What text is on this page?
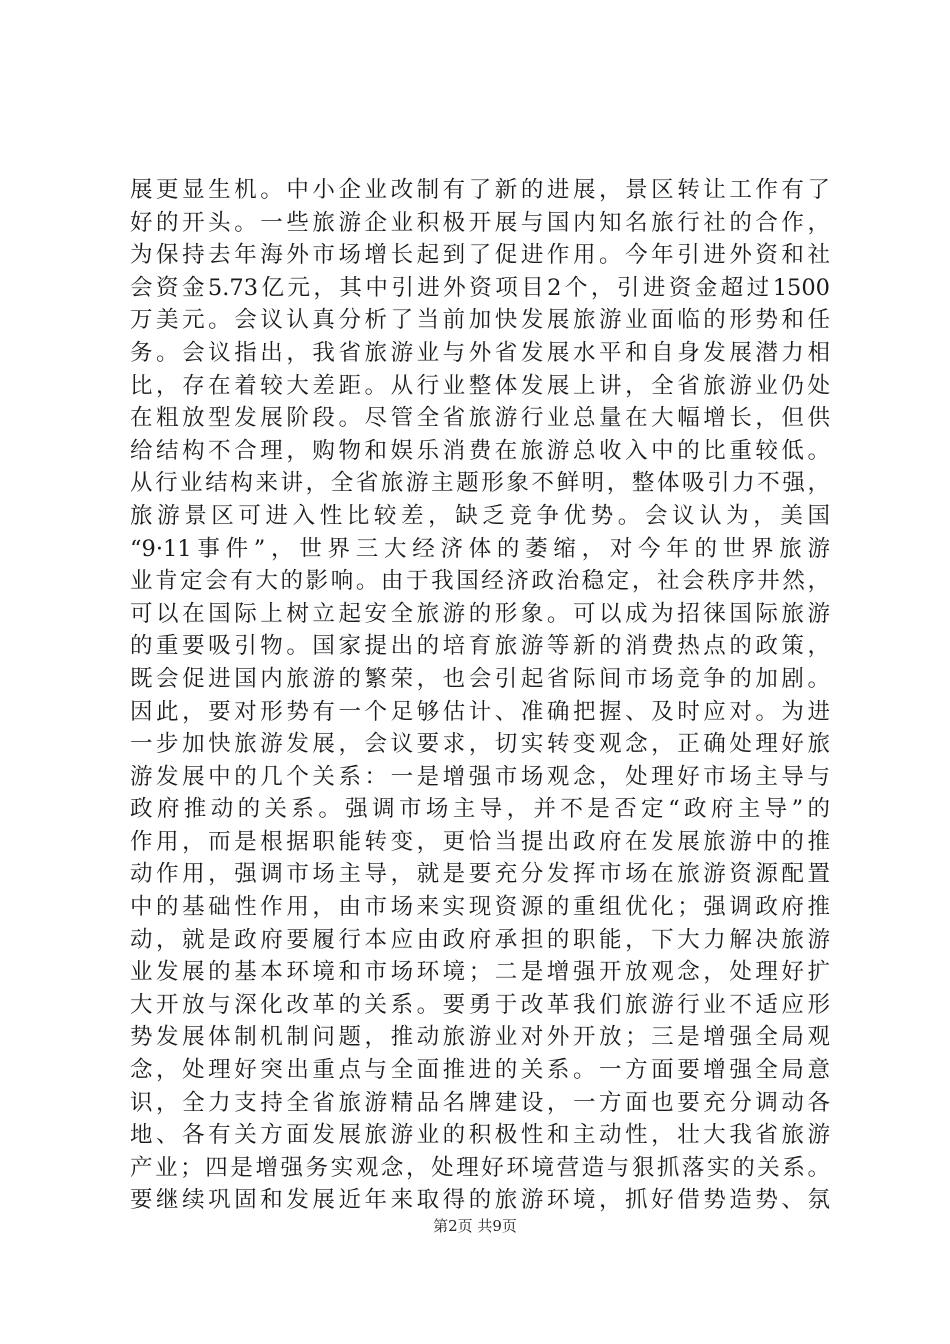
展更显生机。中小企业改制有了新的进展，景区转让工作有了
好的开头。一些旅游企业积极开展与国内知名旅行社的合作，
为保持去年海外市场增长起到了促进作用。今年引进外资和社
会资金5.73亿元，其中引进外资项目2个，引进资金超过1500
万美元。会议认真分析了当前加快发展旅游业面临的形势和任
务。会议指出，我省旅游业与外省发展水平和自身发展潜力相
比，存在着较大差距。从行业整体发展上讲，全省旅游业仍处
在粗放型发展阶段。尽管全省旅游行业总量在大幅增长，但供
给结构不合理，购物和娱乐消费在旅游总收入中的比重较低。
从行业结构来讲，全省旅游主题形象不鲜明，整体吸引力不强，
旅游景区可进入性比较差，缺乏竞争优势。会议认为，美国
“9·11事件”，世界三大经济体的萎缩，对今年的世界旅游
业肯定会有大的影响。由于我国经济政治稳定，社会秩序井然，
可以在国际上树立起安全旅游的形象。可以成为招徕国际旅游
的重要吸引物。国家提出的培育旅游等新的消费热点的政策，
既会促进国内旅游的繁荣，也会引起省际间市场竞争的加剧。
因此，要对形势有一个足够估计、准确把握、及时应对。为进
一步加快旅游发展，会议要求，切实转变观念，正确处理好旅
游发展中的几个关系：一是增强市场观念，处理好市场主导与
政府推动的关系。强调市场主导，并不是否定“政府主导”的
作用，而是根据职能转变，更恰当提出政府在发展旅游中的推
动作用，强调市场主导，就是要充分发挥市场在旅游资源配置
中的基础性作用，由市场来实现资源的重组优化；强调政府推
动，就是政府要履行本应由政府承担的职能，下大力解决旅游
业发展的基本环境和市场环境；二是增强开放观念，处理好扩
大开放与深化改革的关系。要勇于改革我们旅游行业不适应形
势发展体制机制问题，推动旅游业对外开放；三是增强全局观
念，处理好突出重点与全面推进的关系。一方面要增强全局意
识，全力支持全省旅游精品名牌建设，一方面也要充分调动各
地、各有关方面发展旅游业的积极性和主动性，壮大我省旅游
产业；四是增强务实观念，处理好环境营造与狠抓落实的关系。
要继续巩固和发展近年来取得的旅游环境，抓好借势造势、氛
第2页 共9页
